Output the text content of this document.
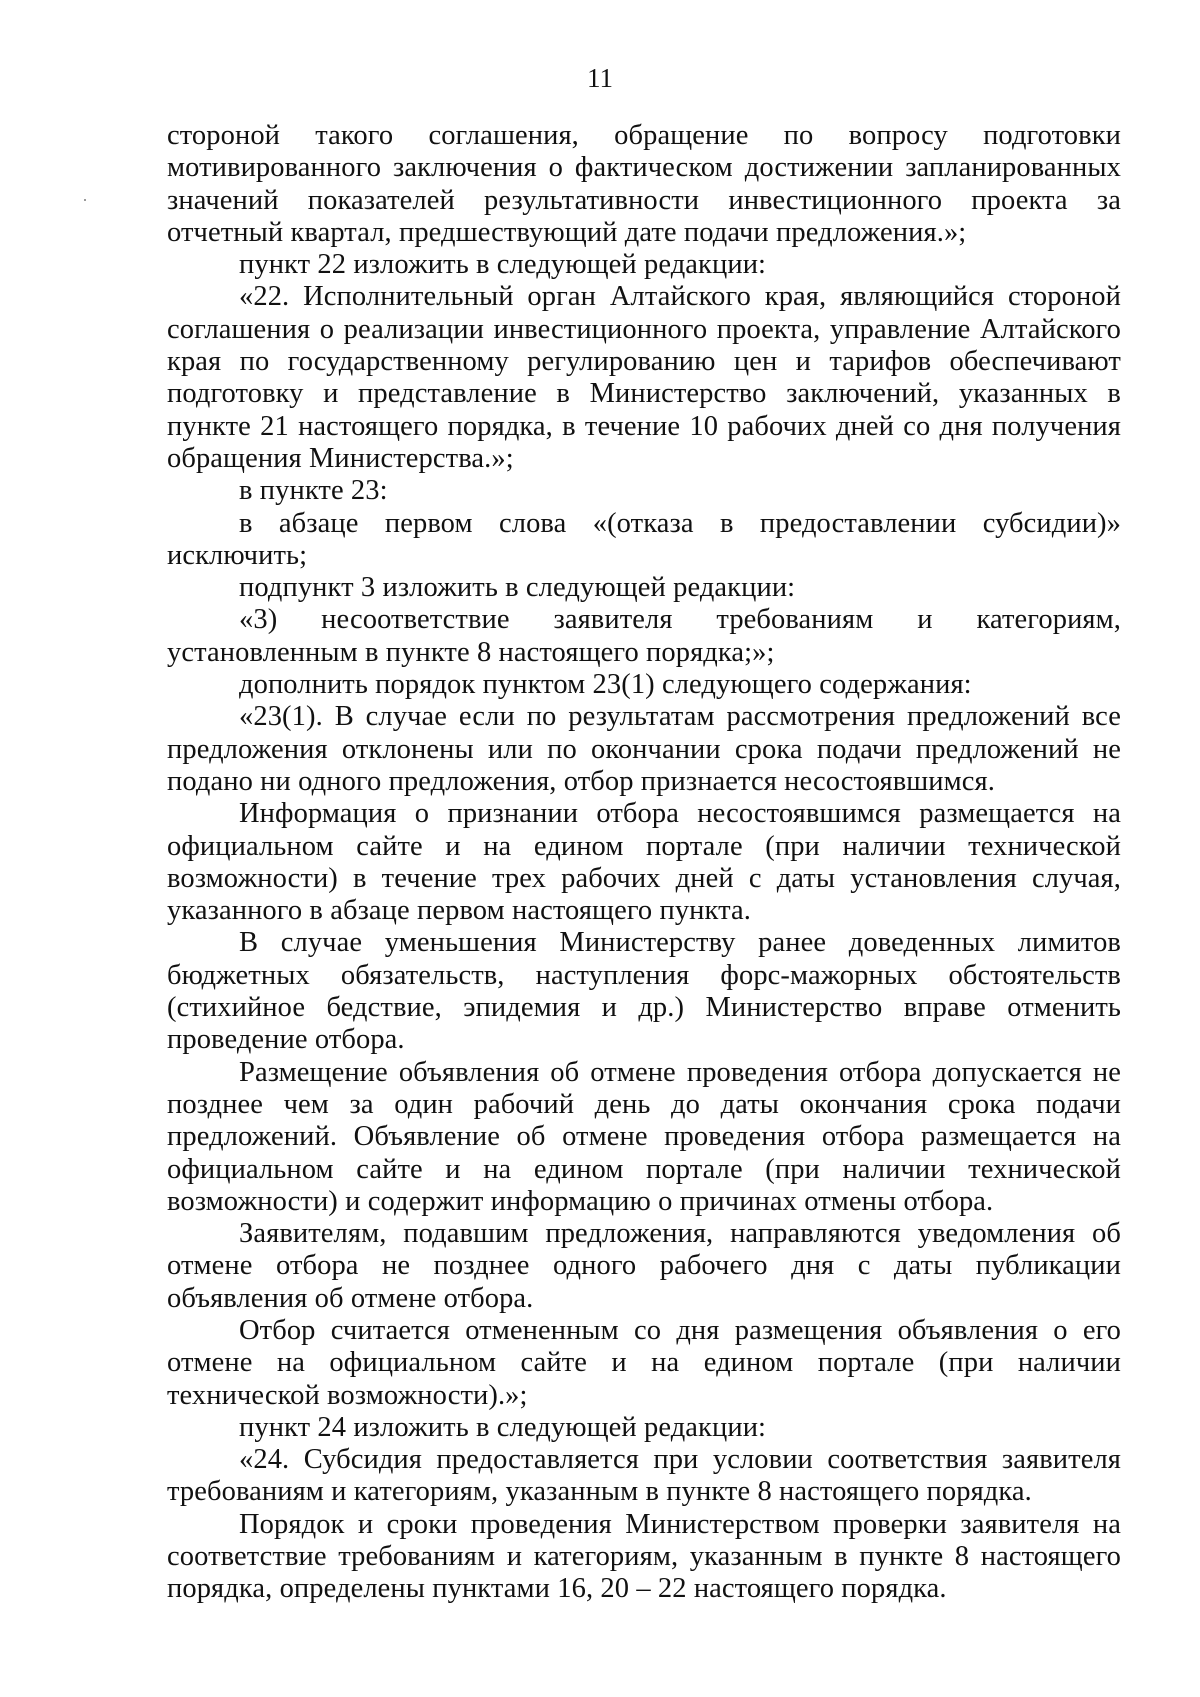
11

стороной такого соглашения, обращение по вопросу подготовки мотивированного заключения о фактическом достижении запланированных значений показателей результативности инвестиционного проекта за отчетный квартал, предшествующий дате подачи предложения.»;

пункт 22 изложить в следующей редакции:

«22. Исполнительный орган Алтайского края, являющийся стороной соглашения о реализации инвестиционного проекта, управление Алтайского края по государственному регулированию цен и тарифов обеспечивают подготовку и представление в Министерство заключений, указанных в пункте 21 настоящего порядка, в течение 10 рабочих дней со дня получения обращения Министерства.»;

в пункте 23:

в абзаце первом слова «(отказа в предоставлении субсидии)» исключить;

подпункт 3 изложить в следующей редакции:

«3) несоответствие заявителя требованиям и категориям, установленным в пункте 8 настоящего порядка;»;

дополнить порядок пунктом 23(1) следующего содержания:

«23(1). В случае если по результатам рассмотрения предложений все предложения отклонены или по окончании срока подачи предложений не подано ни одного предложения, отбор признается несостоявшимся.

Информация о признании отбора несостоявшимся размещается на официальном сайте и на едином портале (при наличии технической возможности) в течение трех рабочих дней с даты установления случая, указанного в абзаце первом настоящего пункта.

В случае уменьшения Министерству ранее доведенных лимитов бюджетных обязательств, наступления форс-мажорных обстоятельств (стихийное бедствие, эпидемия и др.) Министерство вправе отменить проведение отбора.

Размещение объявления об отмене проведения отбора допускается не позднее чем за один рабочий день до даты окончания срока подачи предложений. Объявление об отмене проведения отбора размещается на официальном сайте и на едином портале (при наличии технической возможности) и содержит информацию о причинах отмены отбора.

Заявителям, подавшим предложения, направляются уведомления об отмене отбора не позднее одного рабочего дня с даты публикации объявления об отмене отбора.

Отбор считается отмененным со дня размещения объявления о его отмене на официальном сайте и на едином портале (при наличии технической возможности).»;

пункт 24 изложить в следующей редакции:

«24. Субсидия предоставляется при условии соответствия заявителя требованиям и категориям, указанным в пункте 8 настоящего порядка.

Порядок и сроки проведения Министерством проверки заявителя на соответствие требованиям и категориям, указанным в пункте 8 настоящего порядка, определены пунктами 16, 20 – 22 настоящего порядка.
